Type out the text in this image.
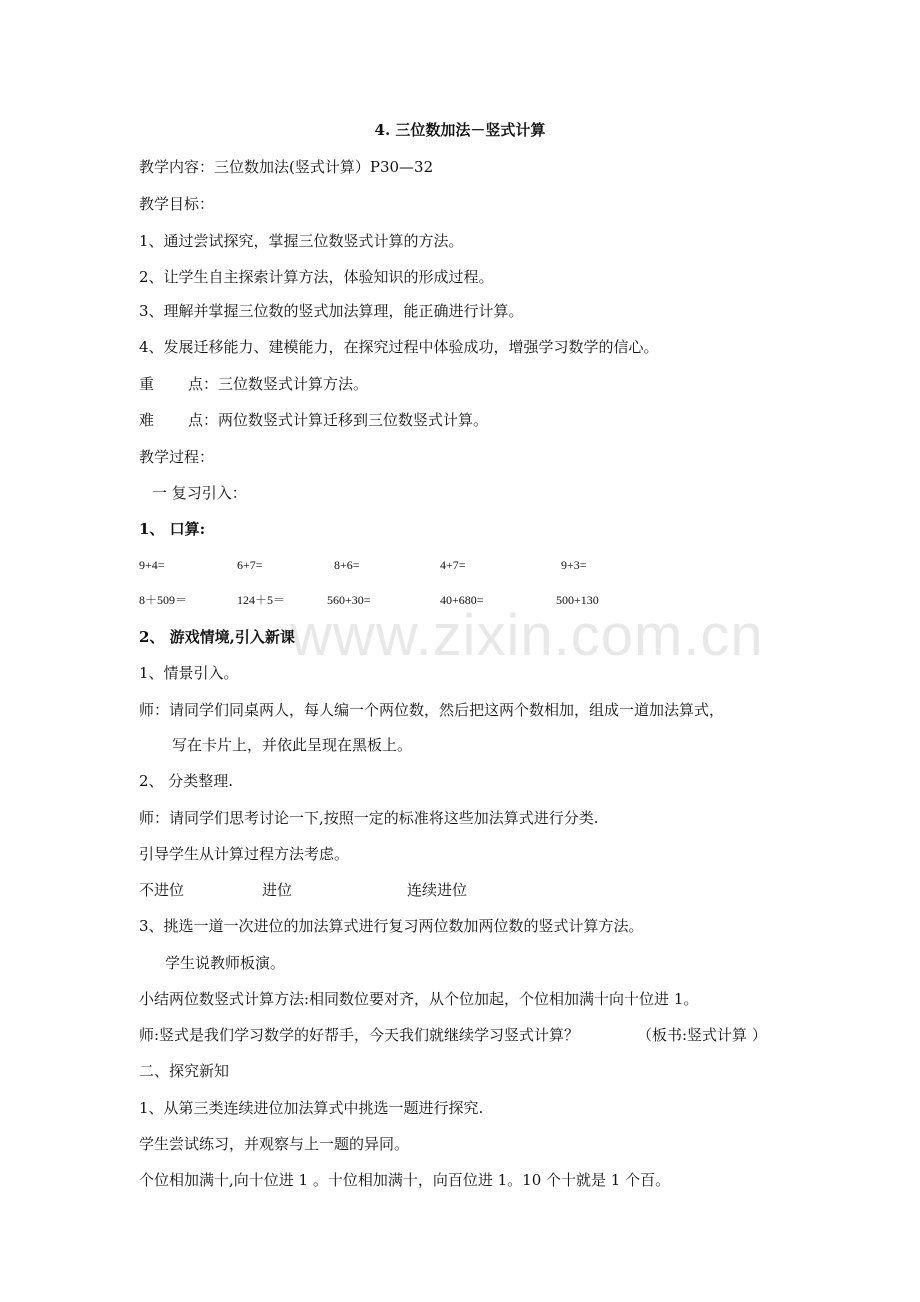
www.zixin.com.cn
4. 三位数加法－竖式计算
教学内容：三位数加法(竖式计算）P30—32
教学目标：
1、通过尝试探究，掌握三位数竖式计算的方法。
2、让学生自主探索计算方法，体验知识的形成过程。
3、理解并掌握三位数的竖式加法算理，能正确进行计算。
4、发展迁移能力、建模能力，在探究过程中体验成功，增强学习数学的信心。
重 点：三位数竖式计算方法。
难 点：两位数竖式计算迁移到三位数竖式计算。
教学过程：
一 复习引入：
1、 口算:
9+4=	6+7=	8+6=	4+7=	9+3=
8＋509＝	124＋5＝	560+30=	40+680=	500+130
2、 游戏情境,引入新课
1、情景引入。
师：请同学们同桌两人，每人编一个两位数，然后把这两个数相加，组成一道加法算式，
写在卡片上，并依此呈现在黑板上。
2、 分类整理.
师：请同学们思考讨论一下,按照一定的标准将这些加法算式进行分类.
引导学生从计算过程方法考虑。
不进位	进位	连续进位
3、挑选一道一次进位的加法算式进行复习两位数加两位数的竖式计算方法。
学生说教师板演。
小结两位数竖式计算方法:相同数位要对齐，从个位加起，个位相加满十向十位进 1。
师:竖式是我们学习数学的好帮手，今天我们就继续学习竖式计算？	（板书:竖式计算 ）
二、探究新知
1、从第三类连续进位加法算式中挑选一题进行探究.
学生尝试练习，并观察与上一题的异同。
个位相加满十,向十位进 1 。十位相加满十，向百位进 1。10 个十就是 1 个百。
